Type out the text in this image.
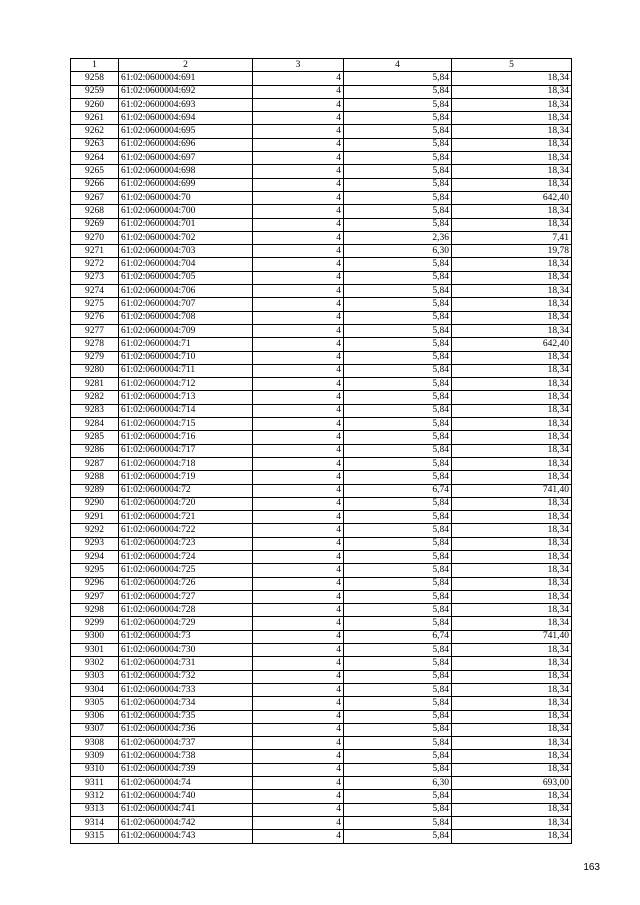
1	2	3	4	5
9258	61:02:0600004:691	4	5,84	18,34
9259	61:02:0600004:692	4	5,84	18,34
9260	61:02:0600004:693	4	5,84	18,34
9261	61:02:0600004:694	4	5,84	18,34
9262	61:02:0600004:695	4	5,84	18,34
9263	61:02:0600004:696	4	5,84	18,34
9264	61:02:0600004:697	4	5,84	18,34
9265	61:02:0600004:698	4	5,84	18,34
9266	61:02:0600004:699	4	5,84	18,34
9267	61:02:0600004:70	4	5,84	642,40
9268	61:02:0600004:700	4	5,84	18,34
9269	61:02:0600004:701	4	5,84	18,34
9270	61:02:0600004:702	4	2,36	7,41
9271	61:02:0600004:703	4	6,30	19,78
9272	61:02:0600004:704	4	5,84	18,34
9273	61:02:0600004:705	4	5,84	18,34
9274	61:02:0600004:706	4	5,84	18,34
9275	61:02:0600004:707	4	5,84	18,34
9276	61:02:0600004:708	4	5,84	18,34
9277	61:02:0600004:709	4	5,84	18,34
9278	61:02:0600004:71	4	5,84	642,40
9279	61:02:0600004:710	4	5,84	18,34
9280	61:02:0600004:711	4	5,84	18,34
9281	61:02:0600004:712	4	5,84	18,34
9282	61:02:0600004:713	4	5,84	18,34
9283	61:02:0600004:714	4	5,84	18,34
9284	61:02:0600004:715	4	5,84	18,34
9285	61:02:0600004:716	4	5,84	18,34
9286	61:02:0600004:717	4	5,84	18,34
9287	61:02:0600004:718	4	5,84	18,34
9288	61:02:0600004:719	4	5,84	18,34
9289	61:02:0600004:72	4	6,74	741,40
9290	61:02:0600004:720	4	5,84	18,34
9291	61:02:0600004:721	4	5,84	18,34
9292	61:02:0600004:722	4	5,84	18,34
9293	61:02:0600004:723	4	5,84	18,34
9294	61:02:0600004:724	4	5,84	18,34
9295	61:02:0600004:725	4	5,84	18,34
9296	61:02:0600004:726	4	5,84	18,34
9297	61:02:0600004:727	4	5,84	18,34
9298	61:02:0600004:728	4	5,84	18,34
9299	61:02:0600004:729	4	5,84	18,34
9300	61:02:0600004:73	4	6,74	741,40
9301	61:02:0600004:730	4	5,84	18,34
9302	61:02:0600004:731	4	5,84	18,34
9303	61:02:0600004:732	4	5,84	18,34
9304	61:02:0600004:733	4	5,84	18,34
9305	61:02:0600004:734	4	5,84	18,34
9306	61:02:0600004:735	4	5,84	18,34
9307	61:02:0600004:736	4	5,84	18,34
9308	61:02:0600004:737	4	5,84	18,34
9309	61:02:0600004:738	4	5,84	18,34
9310	61:02:0600004:739	4	5,84	18,34
9311	61:02:0600004:74	4	6,30	693,00
9312	61:02:0600004:740	4	5,84	18,34
9313	61:02:0600004:741	4	5,84	18,34
9314	61:02:0600004:742	4	5,84	18,34
9315	61:02:0600004:743	4	5,84	18,34
163
